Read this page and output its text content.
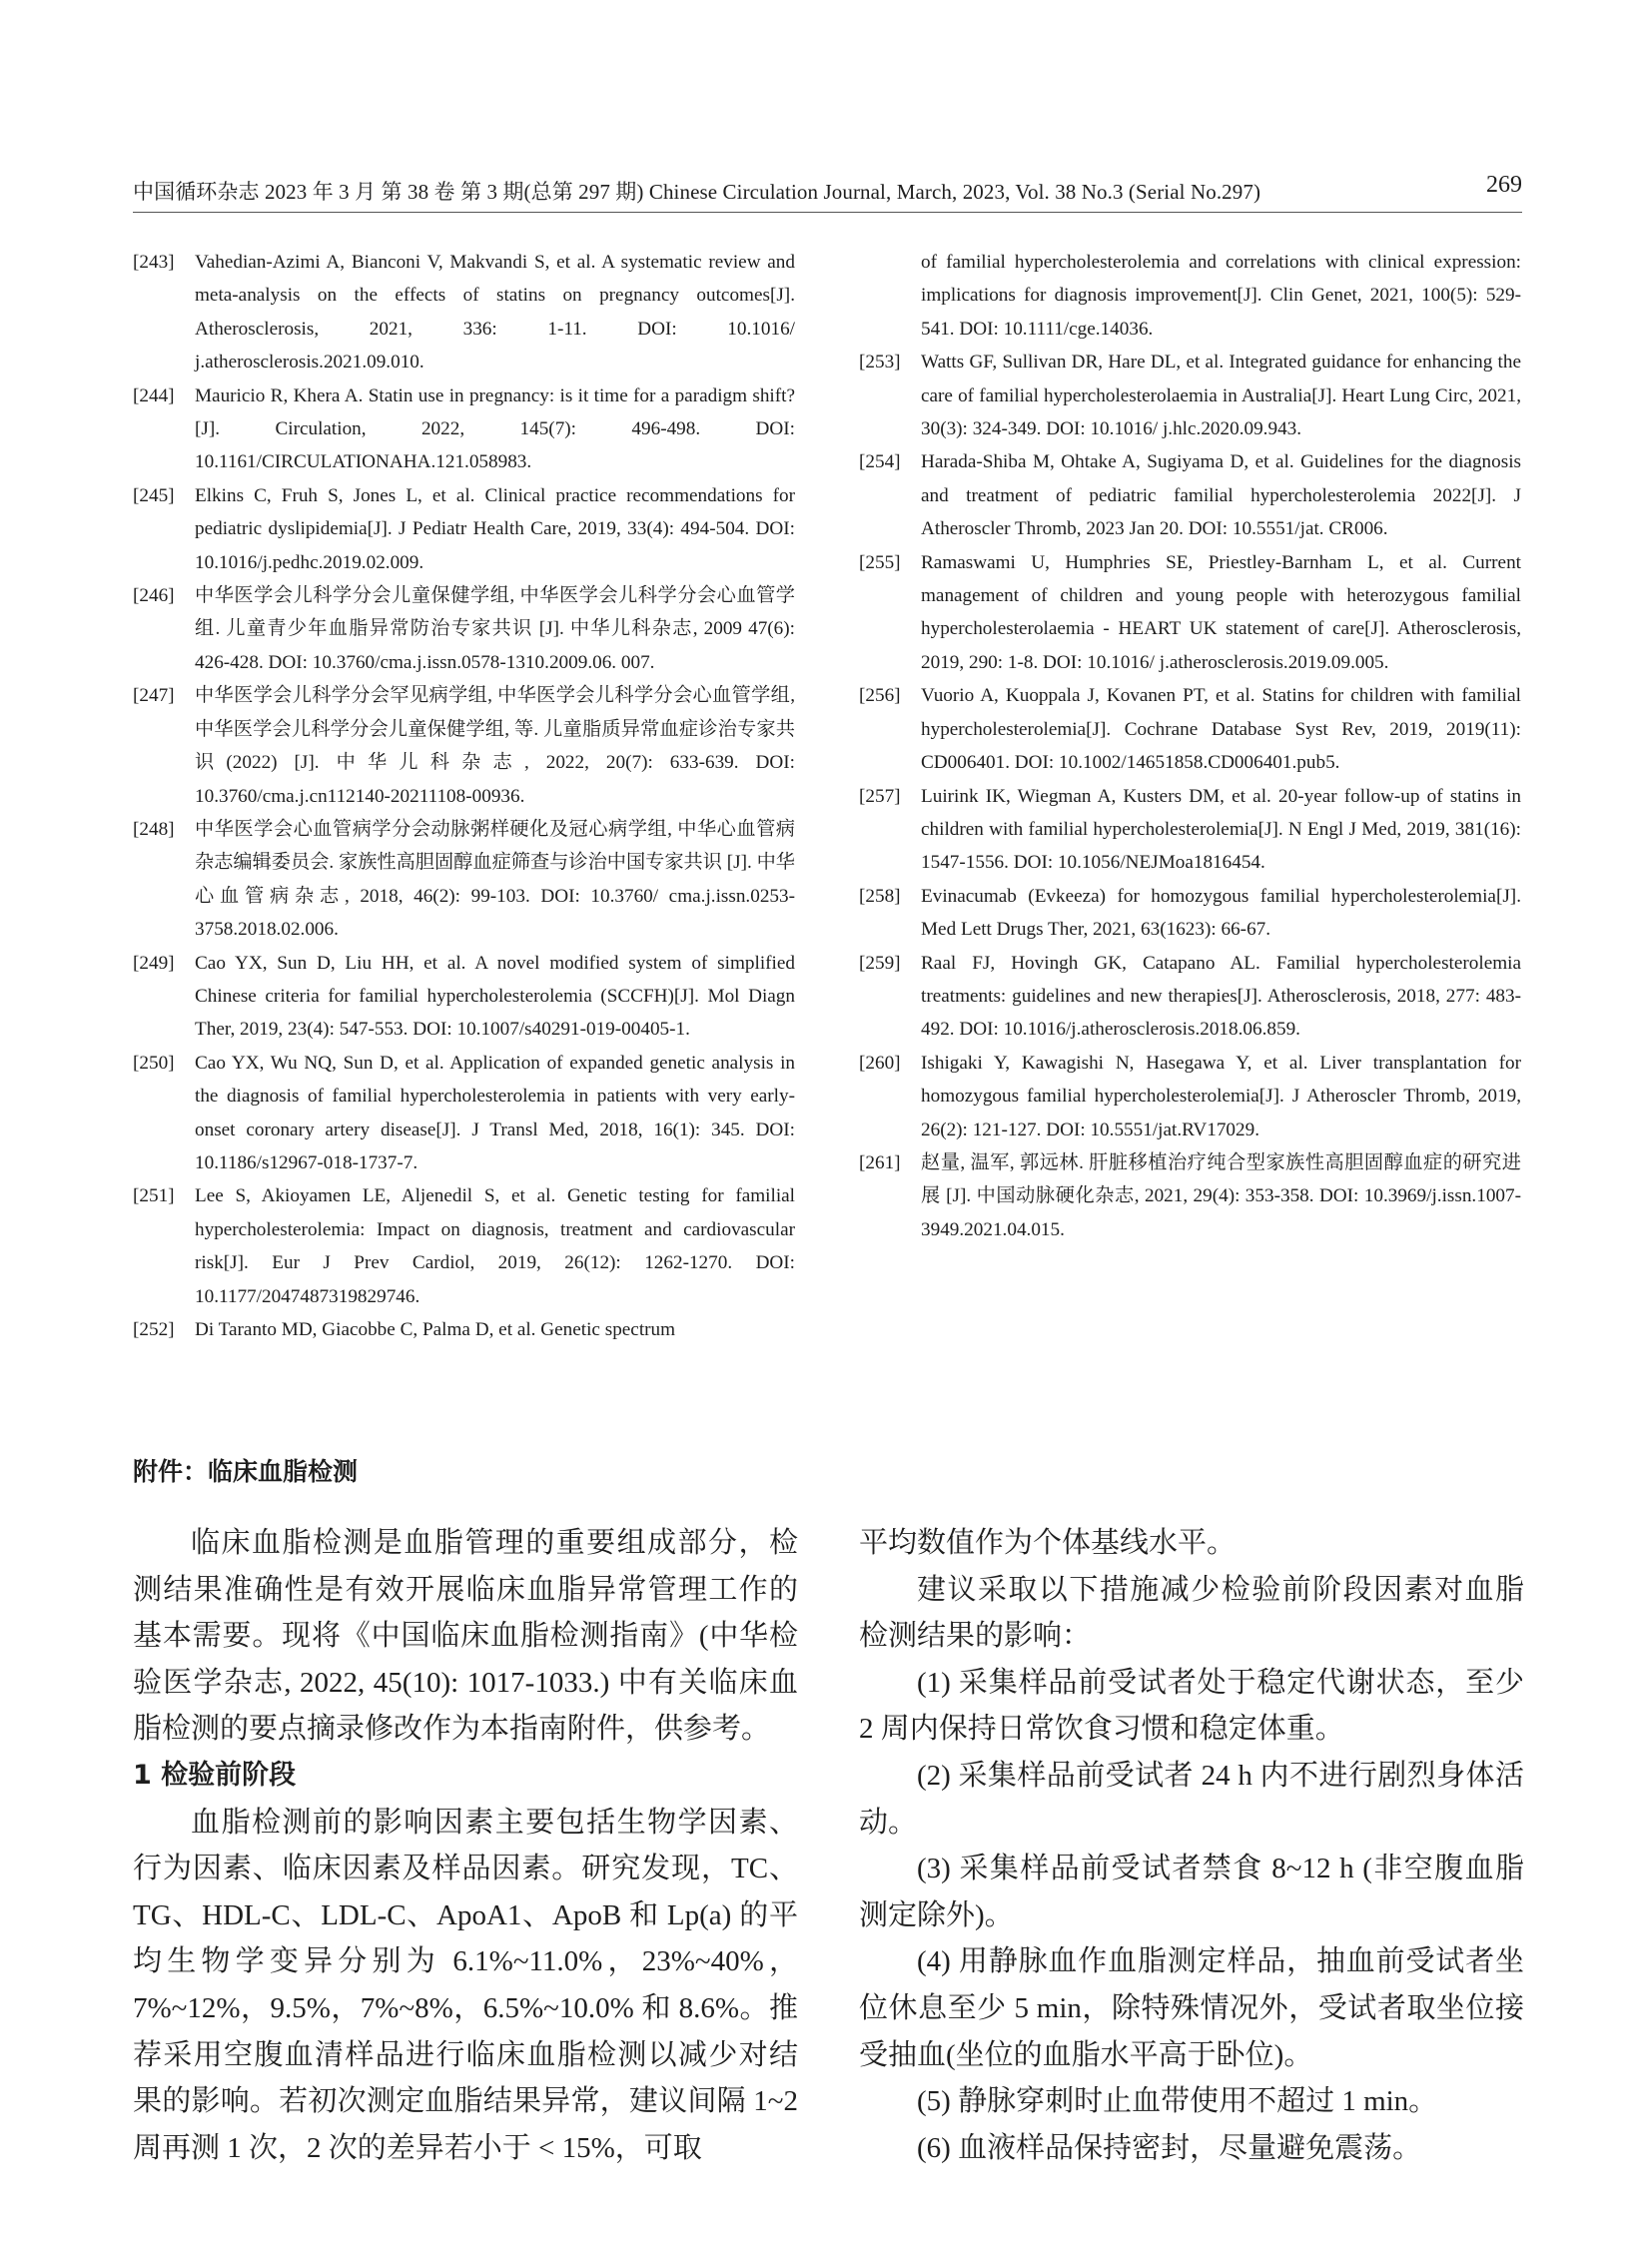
中国循环杂志 2023 年 3 月 第 38 卷 第 3 期(总第 297 期) Chinese Circulation Journal, March, 2023, Vol. 38 No.3 (Serial No.297)	269
[243] Vahedian-Azimi A, Bianconi V, Makvandi S, et al. A systematic review and meta-analysis on the effects of statins on pregnancy outcomes[J]. Atherosclerosis, 2021, 336: 1-11. DOI: 10.1016/ j.atherosclerosis.2021.09.010.
[244] Mauricio R, Khera A. Statin use in pregnancy: is it time for a paradigm shift?[J]. Circulation, 2022, 145(7): 496-498. DOI: 10.1161/CIRCULATIONAHA.121.058983.
[245] Elkins C, Fruh S, Jones L, et al. Clinical practice recommendations for pediatric dyslipidemia[J]. J Pediatr Health Care, 2019, 33(4): 494-504. DOI: 10.1016/j.pedhc.2019.02.009.
[246] 中华医学会儿科学分会儿童保健学组, 中华医学会儿科学分会心血管学组. 儿童青少年血脂异常防治专家共识 [J]. 中华儿科杂志, 2009 47(6): 426-428. DOI: 10.3760/cma.j.issn.0578-1310.2009.06. 007.
[247] 中华医学会儿科学分会罕见病学组, 中华医学会儿科学分会心血管学组, 中华医学会儿科学分会儿童保健学组, 等. 儿童脂质异常血症诊治专家共识(2022) [J]. 中华儿科杂志, 2022, 20(7): 633-639. DOI: 10.3760/cma.j.cn112140-20211108-00936.
[248] 中华医学会心血管病学分会动脉粥样硬化及冠心病学组, 中华心血管病杂志编辑委员会. 家族性高胆固醇血症筛查与诊治中国专家共识 [J]. 中华心血管病杂志, 2018, 46(2): 99-103. DOI: 10.3760/ cma.j.issn.0253-3758.2018.02.006.
[249] Cao YX, Sun D, Liu HH, et al. A novel modified system of simplified Chinese criteria for familial hypercholesterolemia (SCCFH)[J]. Mol Diagn Ther, 2019, 23(4): 547-553. DOI: 10.1007/s40291-019-00405-1.
[250] Cao YX, Wu NQ, Sun D, et al. Application of expanded genetic analysis in the diagnosis of familial hypercholesterolemia in patients with very early-onset coronary artery disease[J]. J Transl Med, 2018, 16(1): 345. DOI: 10.1186/s12967-018-1737-7.
[251] Lee S, Akioyamen LE, Aljenedil S, et al. Genetic testing for familial hypercholesterolemia: Impact on diagnosis, treatment and cardiovascular risk[J]. Eur J Prev Cardiol, 2019, 26(12): 1262-1270. DOI: 10.1177/2047487319829746.
[252] Di Taranto MD, Giacobbe C, Palma D, et al. Genetic spectrum
of familial hypercholesterolemia and correlations with clinical expression: implications for diagnosis improvement[J]. Clin Genet, 2021, 100(5): 529-541. DOI: 10.1111/cge.14036.
[253] Watts GF, Sullivan DR, Hare DL, et al. Integrated guidance for enhancing the care of familial hypercholesterolaemia in Australia[J]. Heart Lung Circ, 2021, 30(3): 324-349. DOI: 10.1016/ j.hlc.2020.09.943.
[254] Harada-Shiba M, Ohtake A, Sugiyama D, et al. Guidelines for the diagnosis and treatment of pediatric familial hypercholesterolemia 2022[J]. J Atheroscler Thromb, 2023 Jan 20. DOI: 10.5551/jat. CR006.
[255] Ramaswami U, Humphries SE, Priestley-Barnham L, et al. Current management of children and young people with heterozygous familial hypercholesterolaemia - HEART UK statement of care[J]. Atherosclerosis, 2019, 290: 1-8. DOI: 10.1016/ j.atherosclerosis.2019.09.005.
[256] Vuorio A, Kuoppala J, Kovanen PT, et al. Statins for children with familial hypercholesterolemia[J]. Cochrane Database Syst Rev, 2019, 2019(11): CD006401. DOI: 10.1002/14651858.CD006401.pub5.
[257] Luirink IK, Wiegman A, Kusters DM, et al. 20-year follow-up of statins in children with familial hypercholesterolemia[J]. N Engl J Med, 2019, 381(16): 1547-1556. DOI: 10.1056/NEJMoa1816454.
[258] Evinacumab (Evkeeza) for homozygous familial hypercholesterolemia[J]. Med Lett Drugs Ther, 2021, 63(1623): 66-67.
[259] Raal FJ, Hovingh GK, Catapano AL. Familial hypercholesterolemia treatments: guidelines and new therapies[J]. Atherosclerosis, 2018, 277: 483-492. DOI: 10.1016/j.atherosclerosis.2018.06.859.
[260] Ishigaki Y, Kawagishi N, Hasegawa Y, et al. Liver transplantation for homozygous familial hypercholesterolemia[J]. J Atheroscler Thromb, 2019, 26(2): 121-127. DOI: 10.5551/jat.RV17029.
[261] 赵量, 温军, 郭远林. 肝脏移植治疗纯合型家族性高胆固醇血症的研究进展 [J]. 中国动脉硬化杂志, 2021, 29(4): 353-358. DOI: 10.3969/j.issn.1007-3949.2021.04.015.
附件：临床血脂检测

临床血脂检测是血脂管理的重要组成部分，检测结果准确性是有效开展临床血脂异常管理工作的基本需要。现将《中国临床血脂检测指南》(中华检验医学杂志, 2022, 45(10): 1017-1033.) 中有关临床血脂检测的要点摘录修改作为本指南附件，供参考。

1 检验前阶段

血脂检测前的影响因素主要包括生物学因素、行为因素、临床因素及样品因素。研究发现，TC、TG、HDL-C、LDL-C、ApoA1、ApoB 和 Lp(a) 的平均生物学变异分别为 6.1%~11.0%，23%~40%，7%~12%，9.5%，7%~8%，6.5%~10.0% 和 8.6%。推荐采用空腹血清样品进行临床血脂检测以减少对结果的影响。若初次测定血脂结果异常，建议间隔 1~2 周再测 1 次，2 次的差异若小于 < 15%，可取

平均数值作为个体基线水平。

建议采取以下措施减少检验前阶段因素对血脂检测结果的影响：

(1) 采集样品前受试者处于稳定代谢状态，至少 2 周内保持日常饮食习惯和稳定体重。

(2) 采集样品前受试者 24 h 内不进行剧烈身体活动。

(3) 采集样品前受试者禁食 8~12 h (非空腹血脂测定除外)。

(4) 用静脉血作血脂测定样品，抽血前受试者坐位休息至少 5 min，除特殊情况外，受试者取坐位接受抽血(坐位的血脂水平高于卧位)。

(5) 静脉穿刺时止血带使用不超过 1 min。

(6) 血液样品保持密封，尽量避免震荡。
